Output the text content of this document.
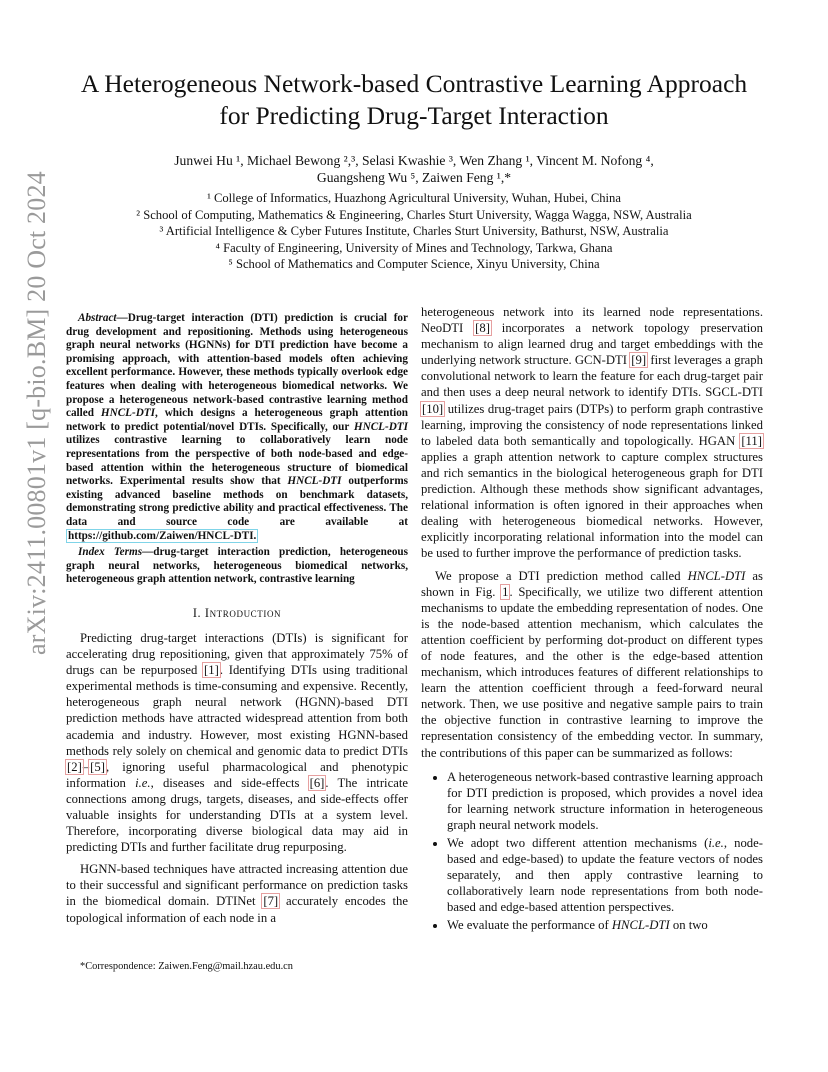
arXiv:2411.00801v1 [q-bio.BM] 20 Oct 2024
A Heterogeneous Network-based Contrastive Learning Approach for Predicting Drug-Target Interaction
Junwei Hu ¹, Michael Bewong ²,³, Selasi Kwashie ³, Wen Zhang ¹, Vincent M. Nofong ⁴,
Guangsheng Wu ⁵, Zaiwen Feng ¹,*
¹ College of Informatics, Huazhong Agricultural University, Wuhan, Hubei, China
² School of Computing, Mathematics & Engineering, Charles Sturt University, Wagga Wagga, NSW, Australia
³ Artificial Intelligence & Cyber Futures Institute, Charles Sturt University, Bathurst, NSW, Australia
⁴ Faculty of Engineering, University of Mines and Technology, Tarkwa, Ghana
⁵ School of Mathematics and Computer Science, Xinyu University, China

Abstract—Drug-target interaction (DTI) prediction is crucial for drug development and repositioning. Methods using heterogeneous graph neural networks (HGNNs) for DTI prediction have become a promising approach, with attention-based models often achieving excellent performance. However, these methods typically overlook edge features when dealing with heterogeneous biomedical networks. We propose a heterogeneous network-based contrastive learning method called HNCL-DTI, which designs a heterogeneous graph attention network to predict potential/novel DTIs. Specifically, our HNCL-DTI utilizes contrastive learning to collaboratively learn node representations from the perspective of both node-based and edge-based attention within the heterogeneous structure of biomedical networks. Experimental results show that HNCL-DTI outperforms existing advanced baseline methods on benchmark datasets, demonstrating strong predictive ability and practical effectiveness. The data and source code are available at https://github.com/Zaiwen/HNCL-DTI.

Index Terms—drug-target interaction prediction, heterogeneous graph neural networks, heterogeneous biomedical networks, heterogeneous graph attention network, contrastive learning

I. Introduction

Predicting drug-target interactions (DTIs) is significant for accelerating drug repositioning, given that approximately 75% of drugs can be repurposed [1]. Identifying DTIs using traditional experimental methods is time-consuming and expensive. Recently, heterogeneous graph neural network (HGNN)-based DTI prediction methods have attracted widespread attention from both academia and industry. However, most existing HGNN-based methods rely solely on chemical and genomic data to predict DTIs [2]–[5], ignoring useful pharmacological and phenotypic information i.e., diseases and side-effects [6]. The intricate connections among drugs, targets, diseases, and side-effects offer valuable insights for understanding DTIs at a system level. Therefore, incorporating diverse biological data may aid in predicting DTIs and further facilitate drug repurposing.

HGNN-based techniques have attracted increasing attention due to their successful and significant performance on prediction tasks in the biomedical domain. DTINet [7] accurately encodes the topological information of each node in a

heterogeneous network into its learned node representations. NeoDTI [8] incorporates a network topology preservation mechanism to align learned drug and target embeddings with the underlying network structure. GCN-DTI [9] first leverages a graph convolutional network to learn the feature for each drug-target pair and then uses a deep neural network to identify DTIs. SGCL-DTI [10] utilizes drug-traget pairs (DTPs) to perform graph contrastive learning, improving the consistency of node representations linked to labeled data both semantically and topologically. HGAN [11] applies a graph attention network to capture complex structures and rich semantics in the biological heterogeneous graph for DTI prediction. Although these methods show significant advantages, relational information is often ignored in their approaches when dealing with heterogeneous biomedical networks. However, explicitly incorporating relational information into the model can be used to further improve the performance of prediction tasks.

We propose a DTI prediction method called HNCL-DTI as shown in Fig. 1. Specifically, we utilize two different attention mechanisms to update the embedding representation of nodes. One is the node-based attention mechanism, which calculates the attention coefficient by performing dot-product on different types of node features, and the other is the edge-based attention mechanism, which introduces features of different relationships to learn the attention coefficient through a feed-forward neural network. Then, we use positive and negative sample pairs to train the objective function in contrastive learning to improve the representation consistency of the embedding vector. In summary, the contributions of this paper can be summarized as follows:

• A heterogeneous network-based contrastive learning approach for DTI prediction is proposed, which provides a novel idea for learning network structure information in heterogeneous graph neural network models.
• We adopt two different attention mechanisms (i.e., node-based and edge-based) to update the feature vectors of nodes separately, and then apply contrastive learning to collaboratively learn node representations from both node-based and edge-based attention perspectives.
• We evaluate the performance of HNCL-DTI on two
*Correspondence: Zaiwen.Feng@mail.hzau.edu.cn
